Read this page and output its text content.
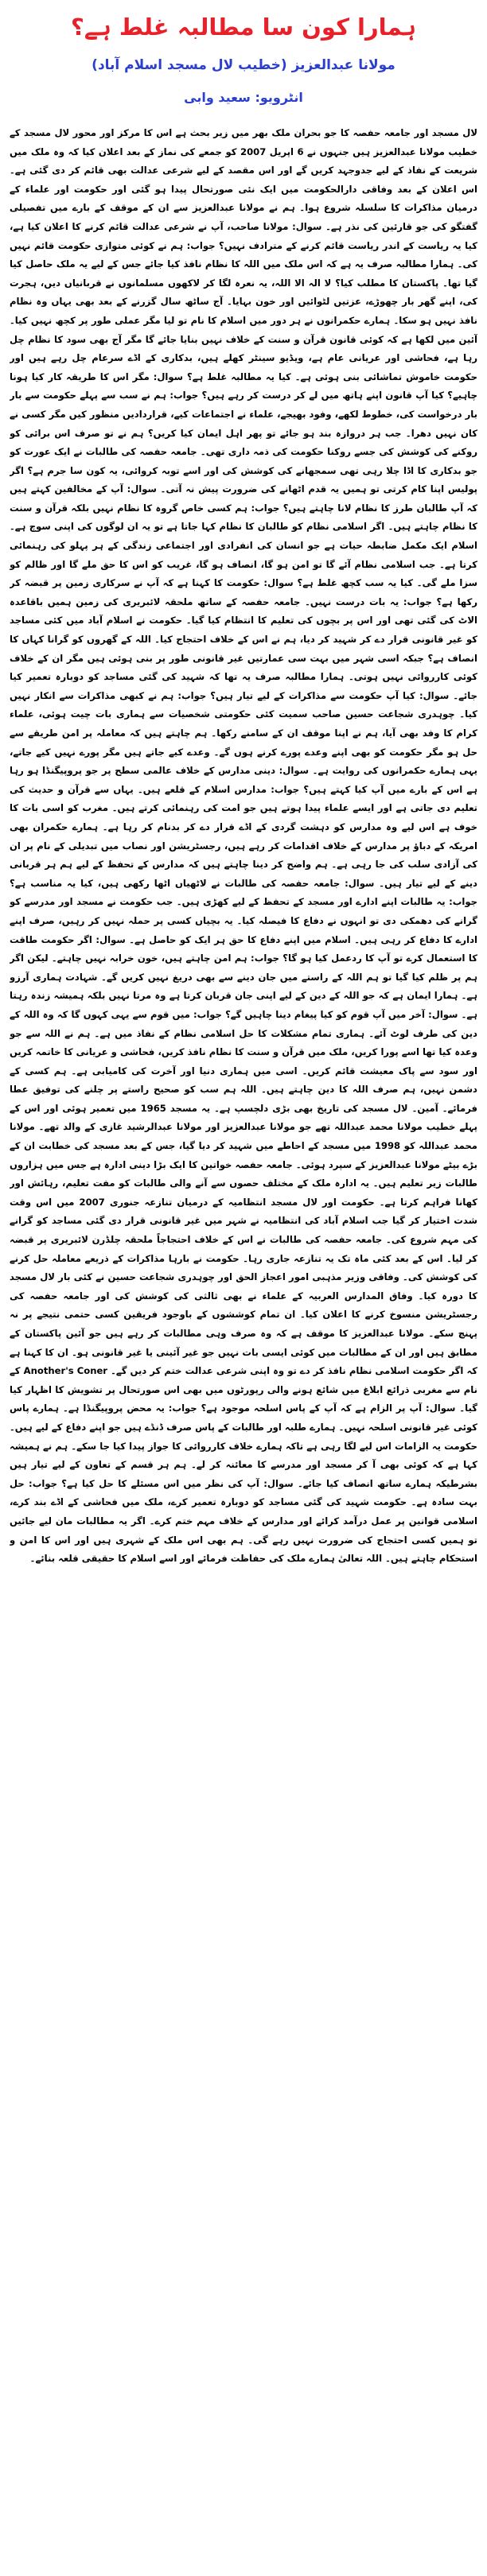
ہمارا کون سا مطالبہ غلط ہے؟
مولانا عبدالعزیز (خطیب لال مسجد اسلام آباد)
انٹرویو: سعید وابی

لال مسجد اور جامعہ حفصہ کا جو بحران ملک بھر میں زیر بحث ہے اس کا مرکز اور محور لال مسجد کے خطیب مولانا عبدالعزیز ہیں جنہوں نے 6 اپریل 2007 کو جمعے کی نماز کے بعد اعلان کیا کہ وہ ملک میں شریعت کے نفاذ کے لیے جدوجہد کریں گے اور اس مقصد کے لیے شرعی عدالت بھی قائم کر دی گئی ہے۔ اس اعلان کے بعد وفاقی دارالحکومت میں ایک نئی صورتحال پیدا ہو گئی اور حکومت اور علماء کے درمیان مذاکرات کا سلسلہ شروع ہوا۔ ہم نے مولانا عبدالعزیز سے ان کے موقف کے بارے میں تفصیلی گفتگو کی جو قارئین کی نذر ہے۔ سوال: مولانا صاحب، آپ نے شرعی عدالت قائم کرنے کا اعلان کیا ہے، کیا یہ ریاست کے اندر ریاست قائم کرنے کے مترادف نہیں؟ جواب: ہم نے کوئی متوازی حکومت قائم نہیں کی۔ ہمارا مطالبہ صرف یہ ہے کہ اس ملک میں اللہ کا نظام نافذ کیا جائے جس کے لیے یہ ملک حاصل کیا گیا تھا۔ پاکستان کا مطلب کیا؟ لا الہ الا اللہ، یہ نعرہ لگا کر لاکھوں مسلمانوں نے قربانیاں دیں، ہجرت کی، اپنے گھر بار چھوڑے، عزتیں لٹوائیں اور خون بہایا۔ آج ساٹھ سال گزرنے کے بعد بھی یہاں وہ نظام نافذ نہیں ہو سکا۔ ہمارے حکمرانوں نے ہر دور میں اسلام کا نام تو لیا مگر عملی طور پر کچھ نہیں کیا۔ آئین میں لکھا ہے کہ کوئی قانون قرآن و سنت کے خلاف نہیں بنایا جائے گا مگر آج بھی سود کا نظام چل رہا ہے، فحاشی اور عریانی عام ہے، ویڈیو سینٹر کھلے ہیں، بدکاری کے اڈے سرعام چل رہے ہیں اور حکومت خاموش تماشائی بنی ہوئی ہے۔ کیا یہ مطالبہ غلط ہے؟ سوال: مگر اس کا طریقہ کار کیا ہونا چاہیے؟ کیا آپ قانون اپنے ہاتھ میں لے کر درست کر رہے ہیں؟ جواب: ہم نے سب سے پہلے حکومت سے بار بار درخواست کی، خطوط لکھے، وفود بھیجے، علماء نے اجتماعات کیے، قراردادیں منظور کیں مگر کسی نے کان نہیں دھرا۔ جب ہر دروازہ بند ہو جائے تو پھر اہل ایمان کیا کریں؟ ہم نے تو صرف اس برائی کو روکنے کی کوشش کی جسے روکنا حکومت کی ذمہ داری تھی۔ جامعہ حفصہ کی طالبات نے ایک عورت کو جو بدکاری کا اڈا چلا رہی تھی سمجھانے کی کوشش کی اور اسے توبہ کروائی، یہ کون سا جرم ہے؟ اگر پولیس اپنا کام کرتی تو ہمیں یہ قدم اٹھانے کی ضرورت پیش نہ آتی۔ سوال: آپ کے مخالفین کہتے ہیں کہ آپ طالبان طرز کا نظام لانا چاہتے ہیں؟ جواب: ہم کسی خاص گروہ کا نظام نہیں بلکہ قرآن و سنت کا نظام چاہتے ہیں۔ اگر اسلامی نظام کو طالبان کا نظام کہا جاتا ہے تو یہ ان لوگوں کی اپنی سوچ ہے۔ اسلام ایک مکمل ضابطہ حیات ہے جو انسان کی انفرادی اور اجتماعی زندگی کے ہر پہلو کی رہنمائی کرتا ہے۔ جب اسلامی نظام آئے گا تو امن ہو گا، انصاف ہو گا، غریب کو اس کا حق ملے گا اور ظالم کو سزا ملے گی۔ کیا یہ سب کچھ غلط ہے؟ سوال: حکومت کا کہنا ہے کہ آپ نے سرکاری زمین پر قبضہ کر رکھا ہے؟ جواب: یہ بات درست نہیں۔ جامعہ حفصہ کے ساتھ ملحقہ لائبریری کی زمین ہمیں باقاعدہ الاٹ کی گئی تھی اور اس پر بچوں کی تعلیم کا انتظام کیا گیا۔ حکومت نے اسلام آباد میں کئی مساجد کو غیر قانونی قرار دے کر شہید کر دیا، ہم نے اس کے خلاف احتجاج کیا۔ اللہ کے گھروں کو گرانا کہاں کا انصاف ہے؟ جبکہ اسی شہر میں بہت سی عمارتیں غیر قانونی طور پر بنی ہوئی ہیں مگر ان کے خلاف کوئی کارروائی نہیں ہوتی۔ ہمارا مطالبہ صرف یہ تھا کہ شہید کی گئی مساجد کو دوبارہ تعمیر کیا جائے۔ سوال: کیا آپ حکومت سے مذاکرات کے لیے تیار ہیں؟ جواب: ہم نے کبھی مذاکرات سے انکار نہیں کیا۔ چوہدری شجاعت حسین صاحب سمیت کئی حکومتی شخصیات سے ہماری بات چیت ہوئی، علماء کرام کا وفد بھی آیا، ہم نے اپنا موقف ان کے سامنے رکھا۔ ہم چاہتے ہیں کہ معاملہ پر امن طریقے سے حل ہو مگر حکومت کو بھی اپنے وعدے پورے کرنے ہوں گے۔ وعدے کیے جاتے ہیں مگر پورے نہیں کیے جاتے، یہی ہمارے حکمرانوں کی روایت ہے۔ سوال: دینی مدارس کے خلاف عالمی سطح پر جو پروپیگنڈا ہو رہا ہے اس کے بارے میں آپ کیا کہتے ہیں؟ جواب: مدارس اسلام کے قلعے ہیں۔ یہاں سے قرآن و حدیث کی تعلیم دی جاتی ہے اور ایسے علماء پیدا ہوتے ہیں جو امت کی رہنمائی کرتے ہیں۔ مغرب کو اسی بات کا خوف ہے اس لیے وہ مدارس کو دہشت گردی کے اڈے قرار دے کر بدنام کر رہا ہے۔ ہمارے حکمران بھی امریکہ کے دباؤ پر مدارس کے خلاف اقدامات کر رہے ہیں، رجسٹریشن اور نصاب میں تبدیلی کے نام پر ان کی آزادی سلب کی جا رہی ہے۔ ہم واضح کر دینا چاہتے ہیں کہ مدارس کے تحفظ کے لیے ہم ہر قربانی دینے کے لیے تیار ہیں۔ سوال: جامعہ حفصہ کی طالبات نے لاٹھیاں اٹھا رکھی ہیں، کیا یہ مناسب ہے؟ جواب: یہ طالبات اپنے ادارے اور مسجد کے تحفظ کے لیے کھڑی ہیں۔ جب حکومت نے مسجد اور مدرسے کو گرانے کی دھمکی دی تو انہوں نے دفاع کا فیصلہ کیا۔ یہ بچیاں کسی پر حملہ نہیں کر رہیں، صرف اپنے ادارے کا دفاع کر رہی ہیں۔ اسلام میں اپنے دفاع کا حق ہر ایک کو حاصل ہے۔ سوال: اگر حکومت طاقت کا استعمال کرے تو آپ کا ردعمل کیا ہو گا؟ جواب: ہم امن چاہتے ہیں، خون خرابہ نہیں چاہتے۔ لیکن اگر ہم پر ظلم کیا گیا تو ہم اللہ کے راستے میں جان دینے سے بھی دریغ نہیں کریں گے۔ شہادت ہماری آرزو ہے۔ ہمارا ایمان ہے کہ جو اللہ کے دین کے لیے اپنی جان قربان کرتا ہے وہ مرتا نہیں بلکہ ہمیشہ زندہ رہتا ہے۔ سوال: آخر میں آپ قوم کو کیا پیغام دینا چاہیں گے؟ جواب: میں قوم سے یہی کہوں گا کہ وہ اللہ کے دین کی طرف لوٹ آئے۔ ہماری تمام مشکلات کا حل اسلامی نظام کے نفاذ میں ہے۔ ہم نے اللہ سے جو وعدہ کیا تھا اسے پورا کریں، ملک میں قرآن و سنت کا نظام نافذ کریں، فحاشی و عریانی کا خاتمہ کریں اور سود سے پاک معیشت قائم کریں۔ اسی میں ہماری دنیا اور آخرت کی کامیابی ہے۔ ہم کسی کے دشمن نہیں، ہم صرف اللہ کا دین چاہتے ہیں۔ اللہ ہم سب کو صحیح راستے پر چلنے کی توفیق عطا فرمائے۔ آمین۔ لال مسجد کی تاریخ بھی بڑی دلچسپ ہے۔ یہ مسجد 1965 میں تعمیر ہوئی اور اس کے پہلے خطیب مولانا محمد عبداللہ تھے جو مولانا عبدالعزیز اور مولانا عبدالرشید غازی کے والد تھے۔ مولانا محمد عبداللہ کو 1998 میں مسجد کے احاطے میں شہید کر دیا گیا، جس کے بعد مسجد کی خطابت ان کے بڑے بیٹے مولانا عبدالعزیز کے سپرد ہوئی۔ جامعہ حفصہ خواتین کا ایک بڑا دینی ادارہ ہے جس میں ہزاروں طالبات زیر تعلیم ہیں۔ یہ ادارہ ملک کے مختلف حصوں سے آنے والی طالبات کو مفت تعلیم، رہائش اور کھانا فراہم کرتا ہے۔ حکومت اور لال مسجد انتظامیہ کے درمیان تنازعہ جنوری 2007 میں اس وقت شدت اختیار کر گیا جب اسلام آباد کی انتظامیہ نے شہر میں غیر قانونی قرار دی گئی مساجد کو گرانے کی مہم شروع کی۔ جامعہ حفصہ کی طالبات نے اس کے خلاف احتجاجاً ملحقہ چلڈرن لائبریری پر قبضہ کر لیا۔ اس کے بعد کئی ماہ تک یہ تنازعہ جاری رہا۔ حکومت نے بارہا مذاکرات کے ذریعے معاملہ حل کرنے کی کوشش کی۔ وفاقی وزیر مذہبی امور اعجاز الحق اور چوہدری شجاعت حسین نے کئی بار لال مسجد کا دورہ کیا۔ وفاق المدارس العربیہ کے علماء نے بھی ثالثی کی کوشش کی اور جامعہ حفصہ کی رجسٹریشن منسوخ کرنے کا اعلان کیا۔ ان تمام کوششوں کے باوجود فریقین کسی حتمی نتیجے پر نہ پہنچ سکے۔ مولانا عبدالعزیز کا موقف ہے کہ وہ صرف وہی مطالبات کر رہے ہیں جو آئین پاکستان کے مطابق ہیں اور ان کے مطالبات میں کوئی ایسی بات نہیں جو غیر آئینی یا غیر قانونی ہو۔ ان کا کہنا ہے کہ اگر حکومت اسلامی نظام نافذ کر دے تو وہ اپنی شرعی عدالت ختم کر دیں گے۔ Another's Coner کے نام سے مغربی ذرائع ابلاغ میں شائع ہونے والی رپورٹوں میں بھی اس صورتحال پر تشویش کا اظہار کیا گیا۔ سوال: آپ پر الزام ہے کہ آپ کے پاس اسلحہ موجود ہے؟ جواب: یہ محض پروپیگنڈا ہے۔ ہمارے پاس کوئی غیر قانونی اسلحہ نہیں۔ ہمارے طلبہ اور طالبات کے پاس صرف ڈنڈے ہیں جو اپنے دفاع کے لیے ہیں۔ حکومت یہ الزامات اس لیے لگا رہی ہے تاکہ ہمارے خلاف کارروائی کا جواز پیدا کیا جا سکے۔ ہم نے ہمیشہ کہا ہے کہ کوئی بھی آ کر مسجد اور مدرسے کا معائنہ کر لے۔ ہم ہر قسم کے تعاون کے لیے تیار ہیں بشرطیکہ ہمارے ساتھ انصاف کیا جائے۔ سوال: آپ کی نظر میں اس مسئلے کا حل کیا ہے؟ جواب: حل بہت سادہ ہے۔ حکومت شہید کی گئی مساجد کو دوبارہ تعمیر کرے، ملک میں فحاشی کے اڈے بند کرے، اسلامی قوانین پر عمل درآمد کرائے اور مدارس کے خلاف مہم ختم کرے۔ اگر یہ مطالبات مان لیے جائیں تو ہمیں کسی احتجاج کی ضرورت نہیں رہے گی۔ ہم بھی اس ملک کے شہری ہیں اور اس کا امن و استحکام چاہتے ہیں۔ اللہ تعالیٰ ہمارے ملک کی حفاظت فرمائے اور اسے اسلام کا حقیقی قلعہ بنائے۔
